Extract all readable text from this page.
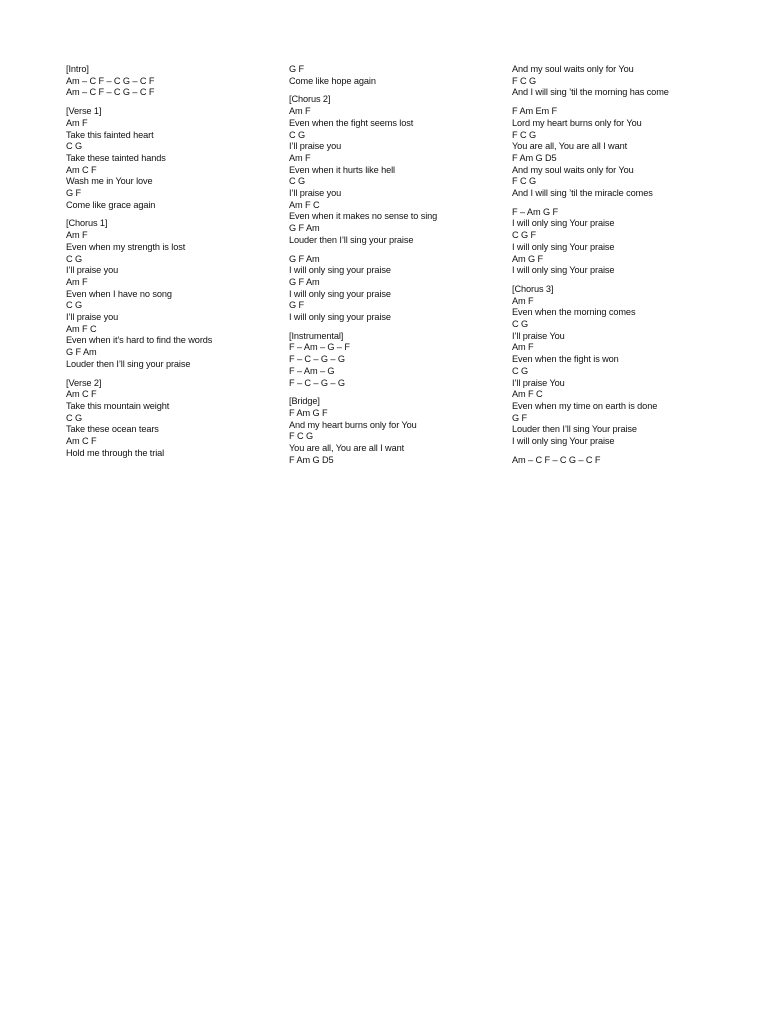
[Intro]
Am – C F – C G – C F
Am – C F – C G – C F
[Verse 1]
Am F
Take this fainted heart
C G
Take these tainted hands
Am C F
Wash me in Your love
G F
Come like grace again
[Chorus 1]
Am F
Even when my strength is lost
C G
I’ll praise you
Am F
Even when I have no song
C G
I’ll praise you
Am F C
Even when it’s hard to find the words
G F Am
Louder then I’ll sing your praise
[Verse 2]
Am C F
Take this mountain weight
C G
Take these ocean tears
Am C F
Hold me through the trial
G F
Come like hope again
[Chorus 2]
Am F
Even when the fight seems lost
C G
I’ll praise you
Am F
Even when it hurts like hell
C G
I’ll praise you
Am F C
Even when it makes no sense to sing
G F Am
Louder then I’ll sing your praise
G F Am
I will only sing your praise
G F Am
I will only sing your praise
G F
I will only sing your praise
[Instrumental]
F – Am – G – F
F – C – G – G
F – Am – G
F – C – G – G
[Bridge]
F Am G F
And my heart burns only for You
F C G
You are all, You are all I want
F Am G D5
And my soul waits only for You
F C G
And I will sing ’til the morning has come
F Am Em F
Lord my heart burns only for You
F C G
You are all, You are all I want
F Am G D5
And my soul waits only for You
F C G
And I will sing ’til the miracle comes
F – Am G F
I will only sing Your praise
C G F
I will only sing Your praise
Am G F
I will only sing Your praise
[Chorus 3]
Am F
Even when the morning comes
C G
I’ll praise You
Am F
Even when the fight is won
C G
I’ll praise You
Am F C
Even when my time on earth is done
G F
Louder then I’ll sing Your praise
I will only sing Your praise
Am – C F – C G – C F
